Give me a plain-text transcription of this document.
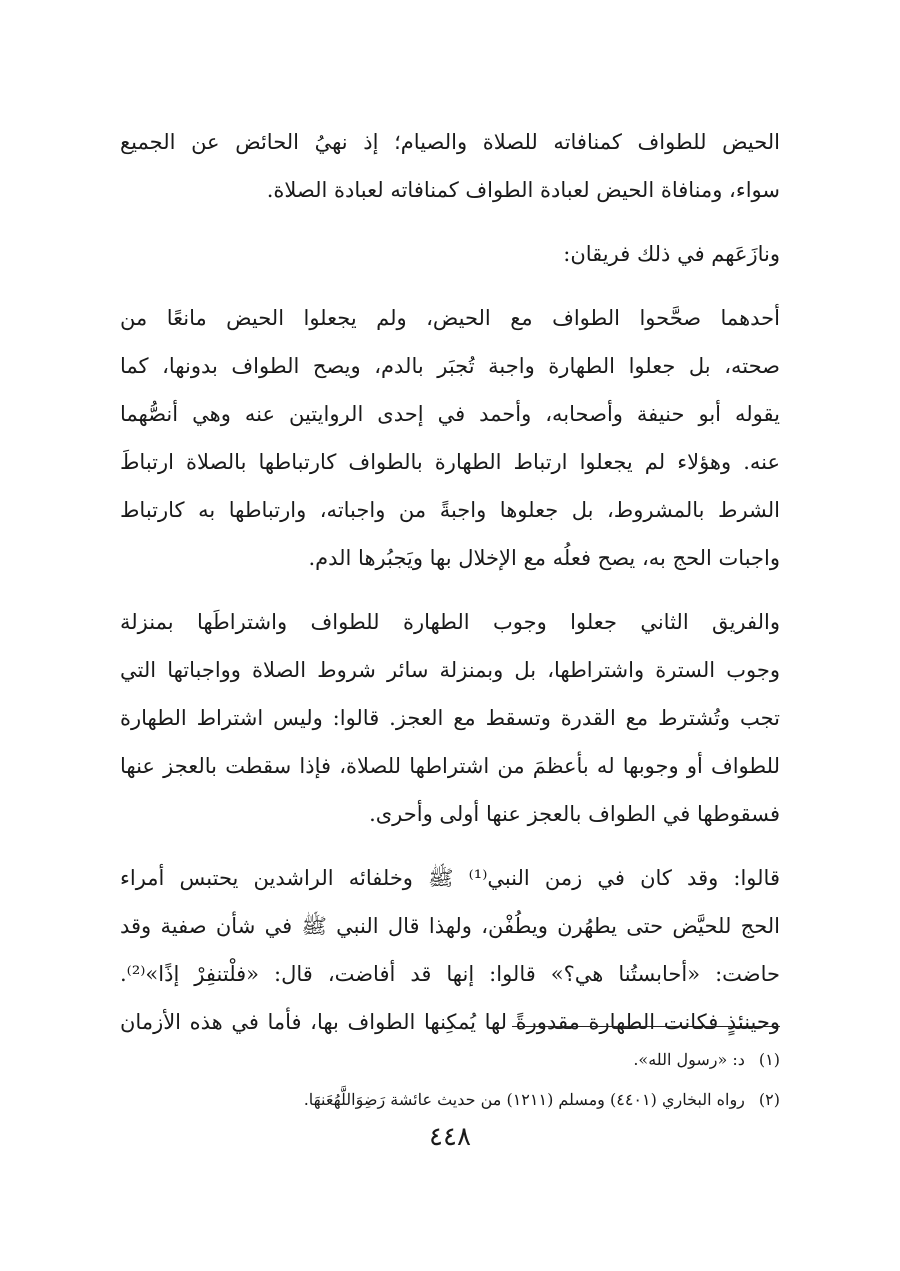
الحيض للطواف كمنافاته للصلاة والصيام؛ إذ نهيُ الحائض عن الجميع
سواء، ومنافاة الحيض لعبادة الطواف كمنافاته لعبادة الصلاة.
ونازَعَهم في ذلك فريقان:
أحدهما صحَّحوا الطواف مع الحيض، ولم يجعلوا الحيض مانعًا من
صحته، بل جعلوا الطهارة واجبة تُجبَر بالدم، ويصح الطواف بدونها، كما
يقوله أبو حنيفة وأصحابه، وأحمد في إحدى الروايتين عنه وهي أنصُّهما
عنه. وهؤلاء لم يجعلوا ارتباط الطهارة بالطواف كارتباطها بالصلاة ارتباطَ
الشرط بالمشروط، بل جعلوها واجبةً من واجباته، وارتباطها به كارتباط
واجبات الحج به، يصح فعلُه مع الإخلال بها ويَجبُرها الدم.
والفريق الثاني جعلوا وجوب الطهارة للطواف واشتراطَها بمنزلة
وجوب السترة واشتراطها، بل وبمنزلة سائر شروط الصلاة وواجباتها التي
تجب وتُشترط مع القدرة وتسقط مع العجز. قالوا: وليس اشتراط الطهارة
للطواف أو وجوبها له بأعظمَ من اشتراطها للصلاة، فإذا سقطت بالعجز عنها
فسقوطها في الطواف بالعجز عنها أولى وأحرى.
قالوا: وقد كان في زمن النبي⁽¹⁾ ﷺ وخلفائه الراشدين يحتبس أمراء
الحج للحيَّض حتى يطهُرن ويطُفْن، ولهذا قال النبي ﷺ في شأن صفية وقد
حاضت: «أحابستُنا هي؟» قالوا: إنها قد أفاضت، قال: «فلْتنفِرْ إذًا»⁽²⁾.
وحينئذٍ فكانت الطهارة مقدورةً لها يُمكِنها الطواف بها، فأما في هذه الأزمان
(١)د: «رسول الله».
(٢)رواه البخاري (٤٤٠١) ومسلم (١٢١١) من حديث عائشة رَضِوَاللَّهُعَنهَا.
٤٤٨
